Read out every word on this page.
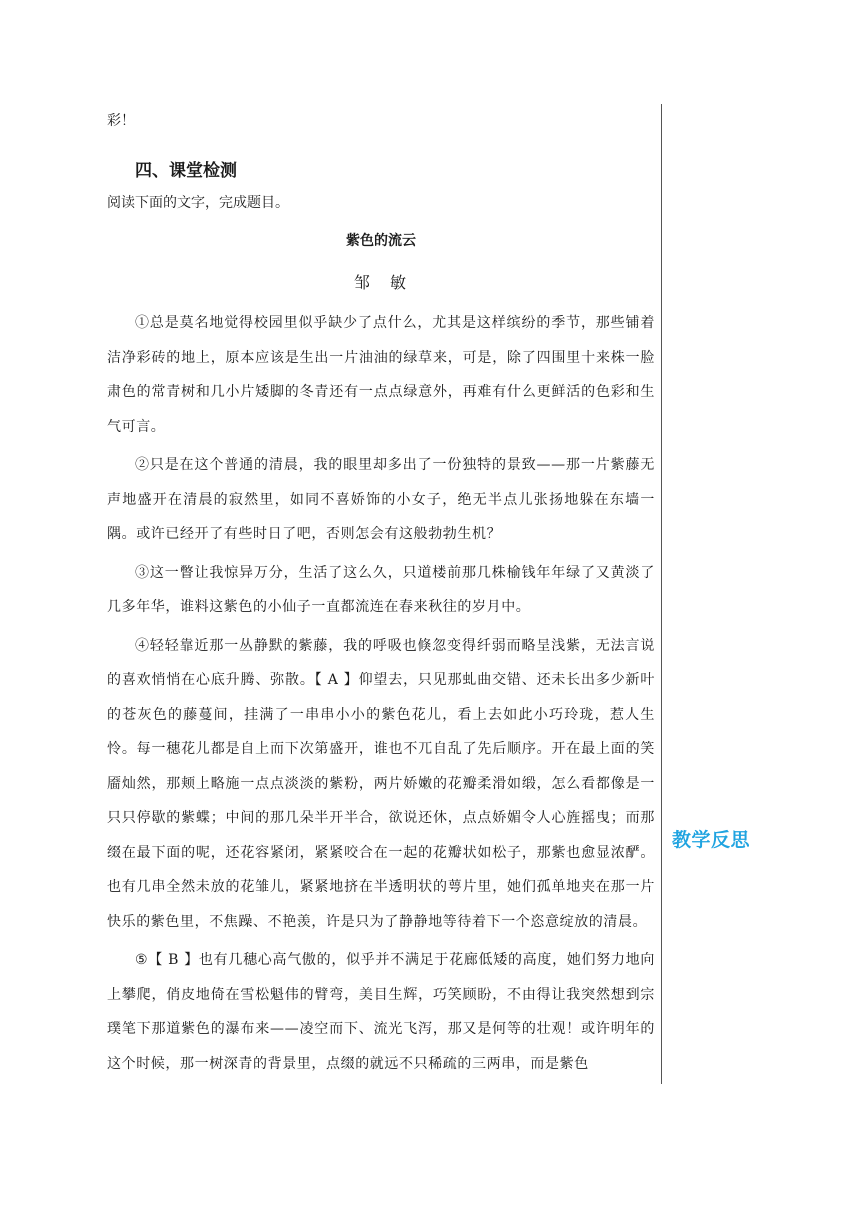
彩！
四、课堂检测
阅读下面的文字，完成题目。
紫色的流云
邹　敏

①总是莫名地觉得校园里似乎缺少了点什么，尤其是这样缤纷的季节，那些铺着洁净彩砖的地上，原本应该是生出一片油油的绿草来，可是，除了四围里十来株一脸肃色的常青树和几小片矮脚的冬青还有一点点绿意外，再难有什么更鲜活的色彩和生气可言。

②只是在这个普通的清晨，我的眼里却多出了一份独特的景致——那一片紫藤无声地盛开在清晨的寂然里，如同不喜娇饰的小女子，绝无半点儿张扬地躲在东墙一隅。或许已经开了有些时日了吧，否则怎会有这般勃勃生机？

③这一瞥让我惊异万分，生活了这么久，只道楼前那几株榆钱年年绿了又黄淡了几多年华，谁料这紫色的小仙子一直都流连在春来秋往的岁月中。

④轻轻靠近那一丛静默的紫藤，我的呼吸也倏忽变得纤弱而略呈浅紫，无法言说的喜欢悄悄在心底升腾、弥散。【 A 】仰望去，只见那虬曲交错、还未长出多少新叶的苍灰色的藤蔓间，挂满了一串串小小的紫色花儿，看上去如此小巧玲珑，惹人生怜。每一穗花儿都是自上而下次第盛开，谁也不兀自乱了先后顺序。开在最上面的笑靥灿然，那颊上略施一点点淡淡的紫粉，两片娇嫩的花瓣柔滑如缎，怎么看都像是一只只停歇的紫蝶；中间的那几朵半开半合，欲说还休，点点娇媚令人心旌摇曳；而那缀在最下面的呢，还花容紧闭，紧紧咬合在一起的花瓣状如松子，那紫也愈显浓酽。也有几串全然未放的花雏儿，紧紧地挤在半透明状的萼片里，她们孤单地夹在那一片快乐的紫色里，不焦躁、不艳羡，许是只为了静静地等待着下一个恣意绽放的清晨。

⑤【 B 】也有几穗心高气傲的，似乎并不满足于花廊低矮的高度，她们努力地向上攀爬，俏皮地倚在雪松魁伟的臂弯，美目生辉，巧笑顾盼，不由得让我突然想到宗璞笔下那道紫色的瀑布来——凌空而下、流光飞泻，那又是何等的壮观！或许明年的这个时候，那一树深青的背景里，点缀的就远不只稀疏的三两串，而是紫色

教学反思
